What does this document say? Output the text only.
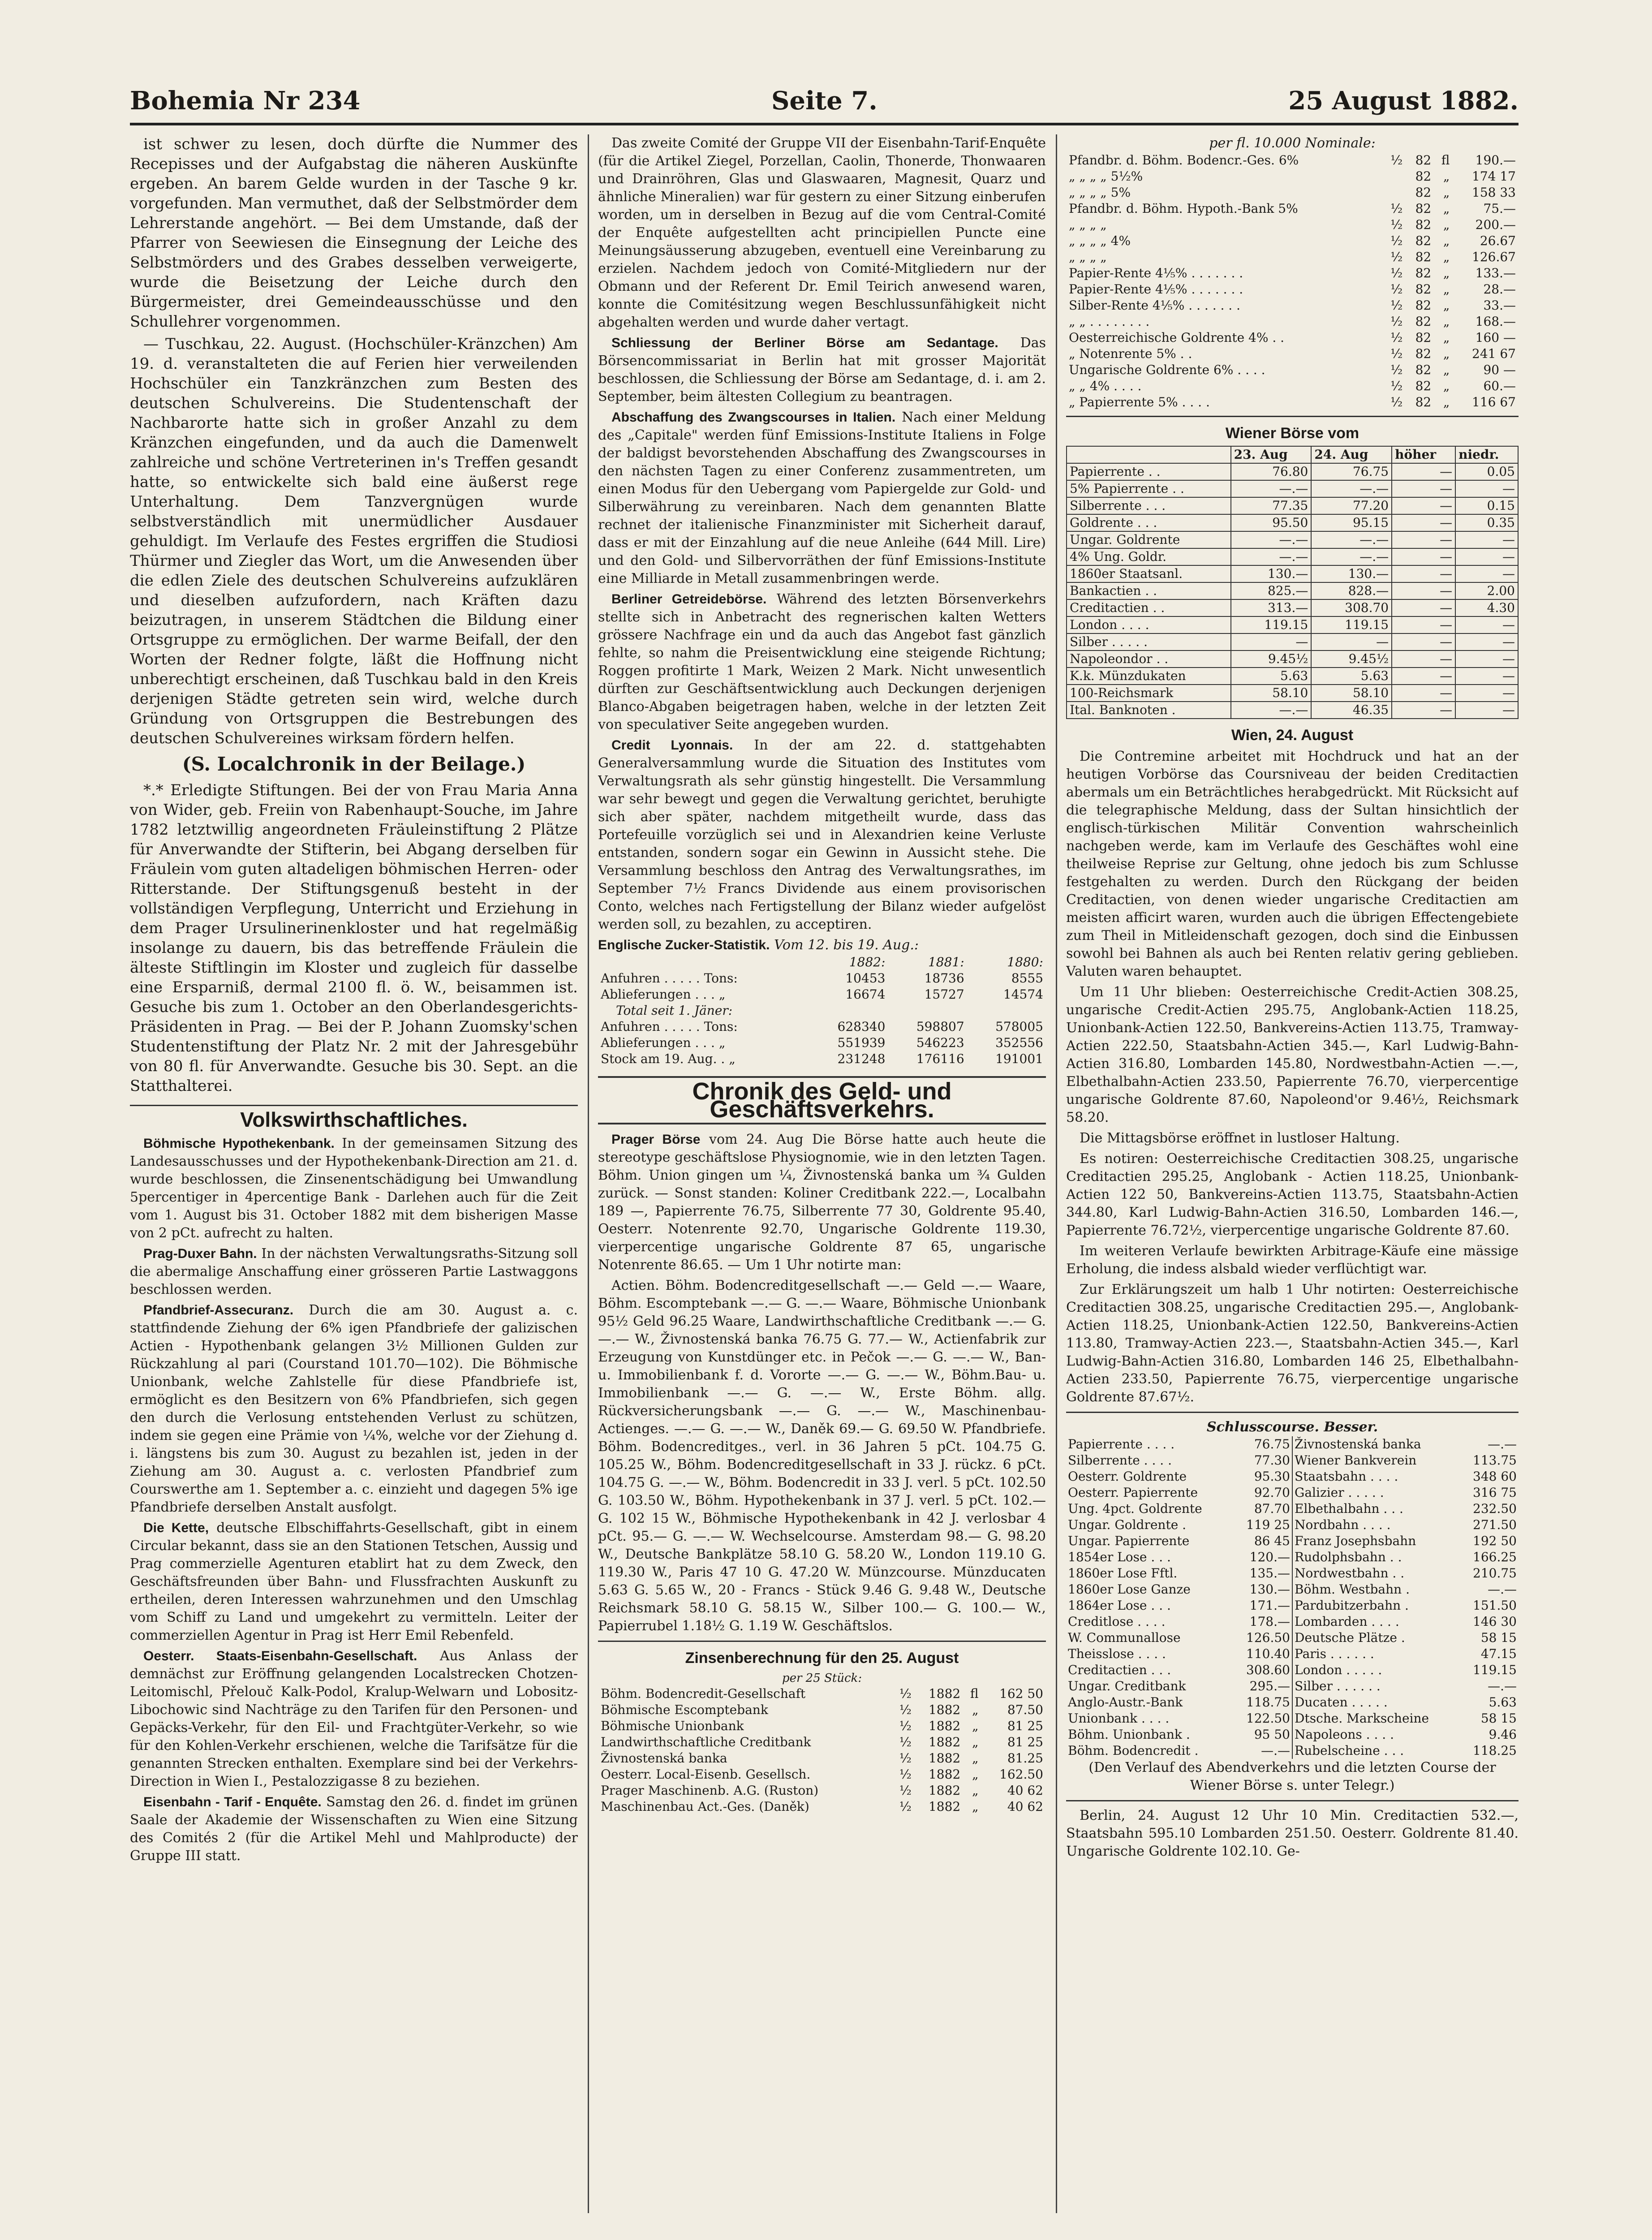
Bohemia Nr 234	Seite 7.	25 August 1882.

ist schwer zu lesen, doch dürfte die Nummer des Recepisses und der Aufgabstag die näheren Auskünfte ergeben. An barem Gelde wurden in der Tasche 9 kr. vorgefunden. Man vermuthet, daß der Selbstmörder dem Lehrerstande angehört. — Bei dem Umstande, daß der Pfarrer von Seewiesen die Einsegnung der Leiche des Selbstmörders und des Grabes desselben verweigerte, wurde die Beisetzung der Leiche durch den Bürgermeister, drei Gemeindeausschüsse und den Schullehrer vorgenommen.

— Tuschkau, 22. August. (Hochschüler-Kränzchen) Am 19. d. veranstalteten die auf Ferien hier verweilenden Hochschüler ein Tanzkränzchen zum Besten des deutschen Schulvereins. Die Studentenschaft der Nachbarorte hatte sich in großer Anzahl zu dem Kränzchen eingefunden, und da auch die Damenwelt zahlreiche und schöne Vertreterinen in's Treffen gesandt hatte, so entwickelte sich bald eine äußerst rege Unterhaltung. Dem Tanzvergnügen wurde selbstverständlich mit unermüdlicher Ausdauer gehuldigt. Im Verlaufe des Festes ergriffen die Studiosi Thürmer und Ziegler das Wort, um die Anwesenden über die edlen Ziele des deutschen Schulvereins aufzuklären und dieselben aufzufordern, nach Kräften dazu beizutragen, in unserem Städtchen die Bildung einer Ortsgruppe zu ermöglichen. Der warme Beifall, der den Worten der Redner folgte, läßt die Hoffnung nicht unberechtigt erscheinen, daß Tuschkau bald in den Kreis derjenigen Städte getreten sein wird, welche durch Gründung von Ortsgruppen die Bestrebungen des deutschen Schulvereines wirksam fördern helfen.

(S. Localchronik in der Beilage.)

*.* Erledigte Stiftungen. Bei der von Frau Maria Anna von Wider, geb. Freiin von Rabenhaupt-Souche, im Jahre 1782 letztwillig angeordneten Fräuleinstiftung 2 Plätze für Anverwandte der Stifterin, bei Abgang derselben für Fräulein vom guten altadeligen böhmischen Herren- oder Ritterstande. Der Stiftungsgenuß besteht in der vollständigen Verpflegung, Unterricht und Erziehung in dem Prager Ursulinerinenkloster und hat regelmäßig insolange zu dauern, bis das betreffende Fräulein die älteste Stiftlingin im Kloster und zugleich für dasselbe eine Ersparniß, dermal 2100 fl. ö. W., beisammen ist. Gesuche bis zum 1. October an den Oberlandesgerichts-Präsidenten in Prag. — Bei der P. Johann Zuomsky'schen Studentenstiftung der Platz Nr. 2 mit der Jahresgebühr von 80 fl. für Anverwandte. Gesuche bis 30. Sept. an die Statthalterei.

Volkswirthschaftliches.

Böhmische Hypothekenbank. In der gemeinsamen Sitzung des Landesausschusses und der Hypothekenbank-Direction am 21. d. wurde beschlossen, die Zinsenentschädigung bei Umwandlung 5percentiger in 4percentige Bank - Darlehen auch für die Zeit vom 1. August bis 31. October 1882 mit dem bisherigen Masse von 2 pCt. aufrecht zu halten.

Prag-Duxer Bahn. In der nächsten Verwaltungsraths-Sitzung soll die abermalige Anschaffung einer grösseren Partie Lastwaggons beschlossen werden.

Pfandbrief-Assecuranz. Durch die am 30. August a. c. stattfindende Ziehung der 6% igen Pfandbriefe der galizischen Actien - Hypothenbank gelangen 3½ Millionen Gulden zur Rückzahlung al pari (Courstand 101.70—102). Die Böhmische Unionbank, welche Zahlstelle für diese Pfandbriefe ist, ermöglicht es den Besitzern von 6% Pfandbriefen, sich gegen den durch die Verlosung entstehenden Verlust zu schützen, indem sie gegen eine Prämie von ¼%, welche vor der Ziehung d. i. längstens bis zum 30. August zu bezahlen ist, jeden in der Ziehung am 30. August a. c. verlosten Pfandbrief zum Courswerthe am 1. September a. c. einzieht und dagegen 5% ige Pfandbriefe derselben Anstalt ausfolgt.

Die Kette, deutsche Elbschiffahrts-Gesellschaft, gibt in einem Circular bekannt, dass sie an den Stationen Tetschen, Aussig und Prag commerzielle Agenturen etablirt hat zu dem Zweck, den Geschäftsfreunden über Bahn- und Flussfrachten Auskunft zu ertheilen, deren Interessen wahrzunehmen und den Umschlag vom Schiff zu Land und umgekehrt zu vermitteln. Leiter der commerziellen Agentur in Prag ist Herr Emil Rebenfeld.

Oesterr. Staats-Eisenbahn-Gesellschaft. Aus Anlass der demnächst zur Eröffnung gelangenden Localstrecken Chotzen-Leitomischl, Přelouč Kalk-Podol, Kralup-Welwarn und Lobositz-Libochowic sind Nachträge zu den Tarifen für den Personen- und Gepäcks-Verkehr, für den Eil- und Frachtgüter-Verkehr, so wie für den Kohlen-Verkehr erschienen, welche die Tarifsätze für die genannten Strecken enthalten. Exemplare sind bei der Verkehrs-Direction in Wien I., Pestalozzigasse 8 zu beziehen.

Eisenbahn - Tarif - Enquête. Samstag den 26. d. findet im grünen Saale der Akademie der Wissenschaften zu Wien eine Sitzung des Comités 2 (für die Artikel Mehl und Mahlproducte) der Gruppe III statt.

Das zweite Comité der Gruppe VII der Eisenbahn-Tarif-Enquête (für die Artikel Ziegel, Porzellan, Caolin, Thonerde, Thonwaaren und Drainröhren, Glas und Glaswaaren, Magnesit, Quarz und ähnliche Mineralien) war für gestern zu einer Sitzung einberufen worden, um in derselben in Bezug auf die vom Central-Comité der Enquête aufgestellten acht principiellen Puncte eine Meinungsäusserung abzugeben, eventuell eine Vereinbarung zu erzielen. Nachdem jedoch von Comité-Mitgliedern nur der Obmann und der Referent Dr. Emil Teirich anwesend waren, konnte die Comitésitzung wegen Beschlussunfähigkeit nicht abgehalten werden und wurde daher vertagt.

Schliessung der Berliner Börse am Sedantage. Das Börsencommissariat in Berlin hat mit grosser Majorität beschlossen, die Schliessung der Börse am Sedantage, d. i. am 2. September, beim ältesten Collegium zu beantragen.

Abschaffung des Zwangscourses in Italien. Nach einer Meldung des „Capitale" werden fünf Emissions-Institute Italiens in Folge der baldigst bevorstehenden Abschaffung des Zwangscourses in den nächsten Tagen zu einer Conferenz zusammentreten, um einen Modus für den Uebergang vom Papiergelde zur Gold- und Silberwährung zu vereinbaren. Nach dem genannten Blatte rechnet der italienische Finanzminister mit Sicherheit darauf, dass er mit der Einzahlung auf die neue Anleihe (644 Mill. Lire) und den Gold- und Silbervorräthen der fünf Emissions-Institute eine Milliarde in Metall zusammenbringen werde.

Berliner Getreidebörse. Während des letzten Börsenverkehrs stellte sich in Anbetracht des regnerischen kalten Wetters grössere Nachfrage ein und da auch das Angebot fast gänzlich fehlte, so nahm die Preisentwicklung eine steigende Richtung; Roggen profitirte 1 Mark, Weizen 2 Mark. Nicht unwesentlich dürften zur Geschäftsentwicklung auch Deckungen derjenigen Blanco-Abgaben beigetragen haben, welche in der letzten Zeit von speculativer Seite angegeben wurden.

Credit Lyonnais. In der am 22. d. stattgehabten Generalversammlung wurde die Situation des Institutes vom Verwaltungsrath als sehr günstig hingestellt. Die Versammlung war sehr bewegt und gegen die Verwaltung gerichtet, beruhigte sich aber später, nachdem mitgetheilt wurde, dass das Portefeuille vorzüglich sei und in Alexandrien keine Verluste entstanden, sondern sogar ein Gewinn in Aussicht stehe. Die Versammlung beschloss den Antrag des Verwaltungsrathes, im September 7½ Francs Dividende aus einem provisorischen Conto, welches nach Fertigstellung der Bilanz wieder aufgelöst werden soll, zu bezahlen, zu acceptiren.

Englische Zucker-Statistik. Vom 12. bis 19. Aug.:
	1882:	1881:	1880:
Anfuhren . . . . . Tons:	10453	18736	8555
Ablieferungen . . . „	16674	15727	14574
Total seit 1. Jäner:			
Anfuhren . . . . . Tons:	628340	598807	578005
Ablieferungen . . . „	551939	546223	352556
Stock am 19. Aug. . „	231248	176116	191001
Chronik des Geld- und Geschäftsverkehrs.

Prager Börse vom 24. Aug Die Börse hatte auch heute die stereotype geschäftslose Physiognomie, wie in den letzten Tagen. Böhm. Union gingen um ¼, Živnostenská banka um ¾ Gulden zurück. — Sonst standen: Koliner Creditbank 222.—, Localbahn 189 —, Papierrente 76.75, Silberrente 77 30, Goldrente 95.40, Oesterr. Notenrente 92.70, Ungarische Goldrente 119.30, vierpercentige ungarische Goldrente 87 65, ungarische Notenrente 86.65. — Um 1 Uhr notirte man:

Actien. Böhm. Bodencreditgesellschaft —.— Geld —.— Waare, Böhm. Escomptebank —.— G. —.— Waare, Böhmische Unionbank 95½ Geld 96.25 Waare, Landwirthschaftliche Creditbank —.— G. —.— W., Živnostenská banka 76.75 G. 77.— W., Actienfabrik zur Erzeugung von Kunstdünger etc. in Pečok —.— G. —.— W., Ban- u. Immobilienbank f. d. Vororte —.— G. —.— W., Böhm.Bau- u. Immobilienbank —.— G. —.— W., Erste Böhm. allg. Rückversicherungsbank —.— G. —.— W., Maschinenbau-Actienges. —.— G. —.— W., Daněk 69.— G. 69.50 W. Pfandbriefe. Böhm. Bodencreditges., verl. in 36 Jahren 5 pCt. 104.75 G. 105.25 W., Böhm. Bodencreditgesellschaft in 33 J. rückz. 6 pCt. 104.75 G. —.— W., Böhm. Bodencredit in 33 J. verl. 5 pCt. 102.50 G. 103.50 W., Böhm. Hypothekenbank in 37 J. verl. 5 pCt. 102.— G. 102 15 W., Böhmische Hypothekenbank in 42 J. verlosbar 4 pCt. 95.— G. —.— W. Wechselcourse. Amsterdam 98.— G. 98.20 W., Deutsche Bankplätze 58.10 G. 58.20 W., London 119.10 G. 119.30 W., Paris 47 10 G. 47.20 W. Münzcourse. Münzducaten 5.63 G. 5.65 W., 20 - Francs - Stück 9.46 G. 9.48 W., Deutsche Reichsmark 58.10 G. 58.15 W., Silber 100.— G. 100.— W., Papierrubel 1.18½ G. 1.19 W. Geschäftslos.

Zinsenberechnung für den 25. August
per 25 Stück:
Böhm. Bodencredit-Gesellschaft	½	1882	fl	162 50
Böhmische Escomptebank	½	1882	„	87.50
Böhmische Unionbank	½	1882	„	81 25
Landwirthschaftliche Creditbank	½	1882	„	81 25
Živnostenská banka	½	1882	„	81.25
Oesterr. Local-Eisenb. Gesellsch.	½	1882	„	162.50
Prager Maschinenb. A.G. (Ruston)	½	1882	„	40 62
Maschinenbau Act.-Ges. (Daněk)	½	1882	„	40 62
per fl. 10.000 Nominale:
Pfandbr. d. Böhm. Bodencr.-Ges. 6%	½	82	fl	190.—
„ „ „ „ 5½%		82	„	174 17
„ „ „ „ 5%		82	„	158 33
Pfandbr. d. Böhm. Hypoth.-Bank 5%	½	82	„	75.—
„ „ „ „	½	82	„	200.—
„ „ „ „ 4%	½	82	„	26.67
„ „ „ „	½	82	„	126.67
Papier-Rente 4⅕% . . . . . . .	½	82	„	133.—
Papier-Rente 4⅕% . . . . . . .	½	82	„	28.—
Silber-Rente 4⅕% . . . . . . .	½	82	„	33.—
„ „ . . . . . . . .	½	82	„	168.—
Oesterreichische Goldrente 4% . .	½	82	„	160 —
„ Notenrente 5% . .	½	82	„	241 67
Ungarische Goldrente 6% . . . .	½	82	„	90 —
„ „ 4% . . . .	½	82	„	60.—
„ Papierrente 5% . . . .	½	82	„	116 67
Wiener Börse vom
	23. Aug	24. Aug	höher	niedr.
Papierrente . .	76.80	76.75	—	0.05
5% Papierrente . .	—.—	—.—	—	—
Silberrente . . .	77.35	77.20	—	0.15
Goldrente . . .	95.50	95.15	—	0.35
Ungar. Goldrente	—.—	—.—	—	—
4% Ung. Goldr.	—.—	—.—	—	—
1860er Staatsanl.	130.—	130.—	—	—
Bankactien . .	825.—	828.—	—	2.00
Creditactien . .	313.—	308.70	—	4.30
London . . . .	119.15	119.15	—	—
Silber . . . . .	—	—	—	—
Napoleondor . .	9.45½	9.45½	—	—
K.k. Münzdukaten	5.63	5.63	—	—
100-Reichsmark	58.10	58.10	—	—
Ital. Banknoten .	—.—	46.35	—	—
Wien, 24. August

Die Contremine arbeitet mit Hochdruck und hat an der heutigen Vorbörse das Coursniveau der beiden Creditactien abermals um ein Beträchtliches herabgedrückt. Mit Rücksicht auf die telegraphische Meldung, dass der Sultan hinsichtlich der englisch-türkischen Militär Convention wahrscheinlich nachgeben werde, kam im Verlaufe des Geschäftes wohl eine theilweise Reprise zur Geltung, ohne jedoch bis zum Schlusse festgehalten zu werden. Durch den Rückgang der beiden Creditactien, von denen wieder ungarische Creditactien am meisten afficirt waren, wurden auch die übrigen Effectengebiete zum Theil in Mitleidenschaft gezogen, doch sind die Einbussen sowohl bei Bahnen als auch bei Renten relativ gering geblieben. Valuten waren behauptet.

Um 11 Uhr blieben: Oesterreichische Credit-Actien 308.25, ungarische Credit-Actien 295.75, Anglobank-Actien 118.25, Unionbank-Actien 122.50, Bankvereins-Actien 113.75, Tramway-Actien 222.50, Staatsbahn-Actien 345.—, Karl Ludwig-Bahn-Actien 316.80, Lombarden 145.80, Nordwestbahn-Actien —.—, Elbethalbahn-Actien 233.50, Papierrente 76.70, vierpercentige ungarische Goldrente 87.60, Napoleond'or 9.46½, Reichsmark 58.20.

Die Mittagsbörse eröffnet in lustloser Haltung.

Es notiren: Oesterreichische Creditactien 308.25, ungarische Creditactien 295.25, Anglobank - Actien 118.25, Unionbank-Actien 122 50, Bankvereins-Actien 113.75, Staatsbahn-Actien 344.80, Karl Ludwig-Bahn-Actien 316.50, Lombarden 146.—, Papierrente 76.72½, vierpercentige ungarische Goldrente 87.60.

Im weiteren Verlaufe bewirkten Arbitrage-Käufe eine mässige Erholung, die indess alsbald wieder verflüchtigt war.

Zur Erklärungszeit um halb 1 Uhr notirten: Oesterreichische Creditactien 308.25, ungarische Creditactien 295.—, Anglobank-Actien 118.25, Unionbank-Actien 122.50, Bankvereins-Actien 113.80, Tramway-Actien 223.—, Staatsbahn-Actien 345.—, Karl Ludwig-Bahn-Actien 316.80, Lombarden 146 25, Elbethalbahn-Actien 233.50, Papierrente 76.75, vierpercentige ungarische Goldrente 87.67½.

Schlusscourse. Besser.
Papierrente . . . .	76.75
Silberrente . . . .	77.30
Oesterr. Goldrente	95.30
Oesterr. Papierrente	92.70
Ung. 4pct. Goldrente	87.70
Ungar. Goldrente .	119 25
Ungar. Papierrente	86 45
1854er Lose . . .	120.—
1860er Lose Fftl.	135.—
1860er Lose Ganze	130.—
1864er Lose . . .	171.—
Creditlose . . . .	178.—
W. Communallose	126.50
Theisslose . . . .	110.40
Creditactien . . .	308.60
Ungar. Creditbank	295.—
Anglo-Austr.-Bank	118.75
Unionbank . . . .	122.50
Böhm. Unionbank .	95 50
Böhm. Bodencredit .	—.—
Živnostenská banka	—.—
Wiener Bankverein	113.75
Staatsbahn . . . .	348 60
Galizier . . . . .	316 75
Elbethalbahn . . .	232.50
Nordbahn . . . .	271.50
Franz Josephsbahn	192 50
Rudolphsbahn . .	166.25
Nordwestbahn . .	210.75
Böhm. Westbahn .	—.—
Pardubitzerbahn .	151.50
Lombarden . . . .	146 30
Deutsche Plätze .	58 15
Paris . . . . . .	47.15
London . . . . .	119.15
Silber . . . . . .	—.—
Ducaten . . . . .	5.63
Dtsche. Markscheine	58 15
Napoleons . . . .	9.46
Rubelscheine . . .	118.25

(Den Verlauf des Abendverkehrs und die letzten Course der Wiener Börse s. unter Telegr.)

Berlin, 24. August 12 Uhr 10 Min. Creditactien 532.—, Staatsbahn 595.10 Lombarden 251.50. Oesterr. Goldrente 81.40. Ungarische Goldrente 102.10. Ge-
